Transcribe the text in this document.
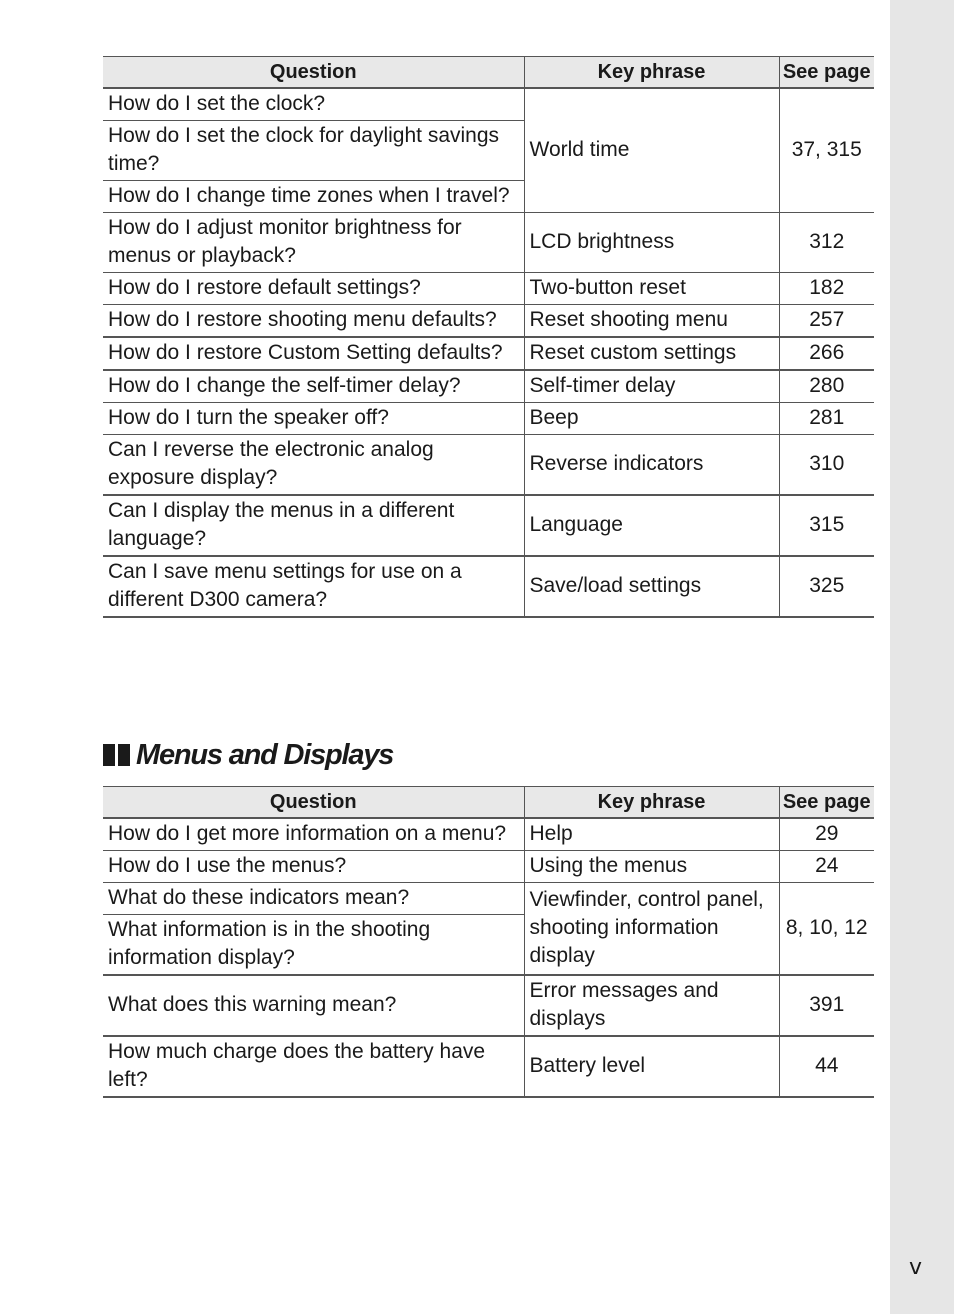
v
Question	Key phrase	See page
How do I set the clock?	World time	37, 315
How do I set the clock for daylight savings time?		
How do I change time zones when I travel?		
How do I adjust monitor brightness for menus or playback?	LCD brightness	312
How do I restore default settings?	Two-button reset	182
How do I restore shooting menu defaults?	Reset shooting menu	257
How do I restore Custom Setting defaults?	Reset custom settings	266
How do I change the self-timer delay?	Self-timer delay	280
How do I turn the speaker off?	Beep	281
Can I reverse the electronic analog exposure display?	Reverse indicators	310
Can I display the menus in a different language?	Language	315
Can I save menu settings for use on a different D300 camera?	Save/load settings	325
Menus and Displays
Question	Key phrase	See page
How do I get more information on a menu?	Help	29
How do I use the menus?	Using the menus	24
What do these indicators mean?	Viewfinder, control panel, shooting information display	8, 10, 12
What information is in the shooting information display?		
What does this warning mean?	Error messages and displays	391
How much charge does the battery have left?	Battery level	44
